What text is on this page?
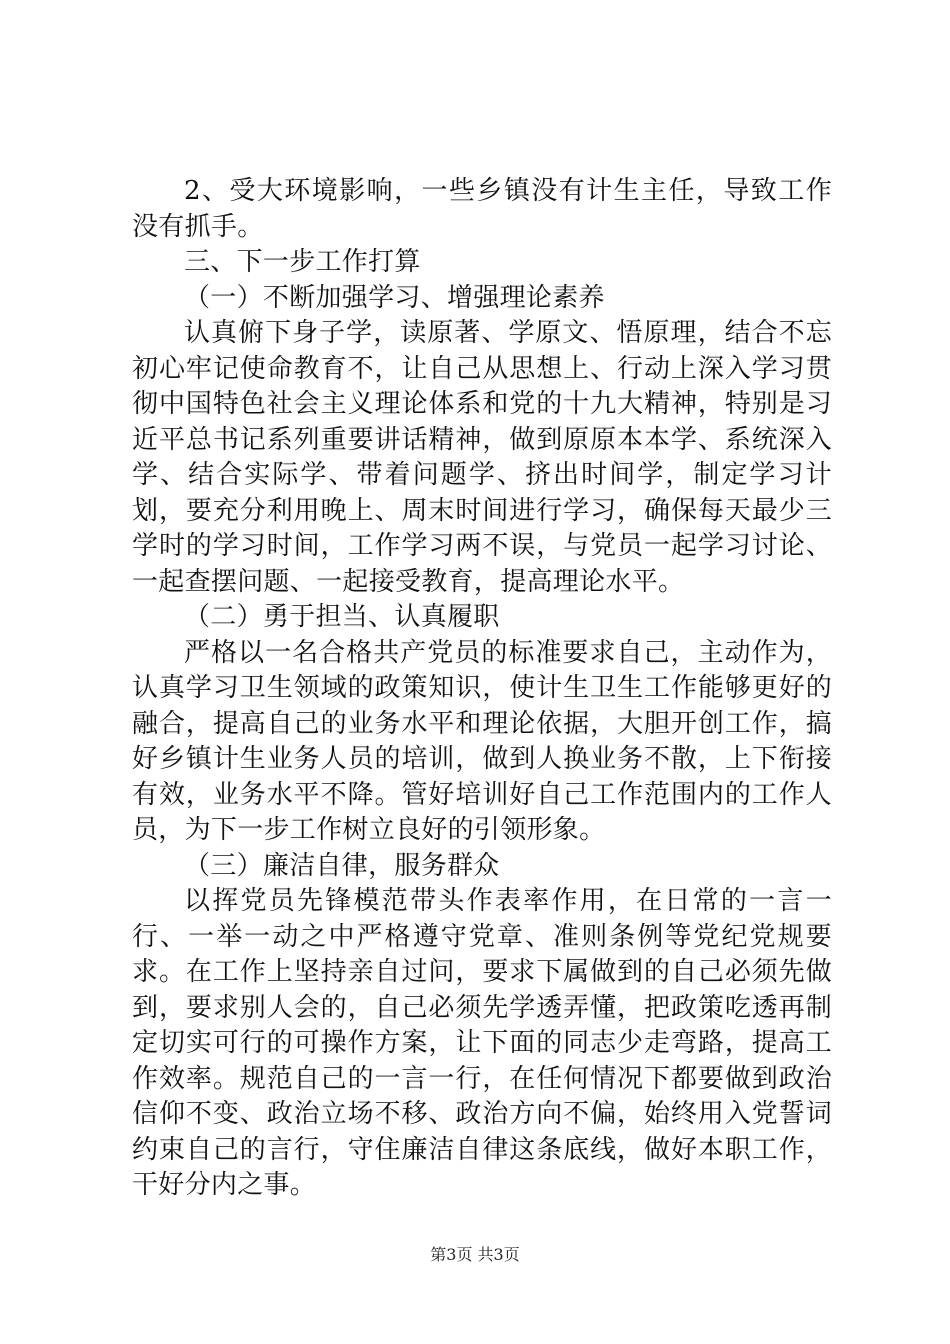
2、受大环境影响，一些乡镇没有计生主任，导致工作没有抓手。

三、下一步工作打算

（一）不断加强学习、增强理论素养

认真俯下身子学，读原著、学原文、悟原理，结合不忘初心牢记使命教育不，让自己从思想上、行动上深入学习贯彻中国特色社会主义理论体系和党的十九大精神，特别是习近平总书记系列重要讲话精神，做到原原本本学、系统深入学、结合实际学、带着问题学、挤出时间学，制定学习计划，要充分利用晚上、周末时间进行学习，确保每天最少三学时的学习时间，工作学习两不误，与党员一起学习讨论、一起查摆问题、一起接受教育，提高理论水平。

（二）勇于担当、认真履职

严格以一名合格共产党员的标准要求自己，主动作为，认真学习卫生领域的政策知识，使计生卫生工作能够更好的融合，提高自己的业务水平和理论依据，大胆开创工作，搞好乡镇计生业务人员的培训，做到人换业务不散，上下衔接有效，业务水平不降。管好培训好自己工作范围内的工作人员，为下一步工作树立良好的引领形象。

（三）廉洁自律，服务群众

以挥党员先锋模范带头作表率作用，在日常的一言一行、一举一动之中严格遵守党章、准则条例等党纪党规要求。在工作上坚持亲自过问，要求下属做到的自己必须先做到，要求别人会的，自己必须先学透弄懂，把政策吃透再制定切实可行的可操作方案，让下面的同志少走弯路，提高工作效率。规范自己的一言一行，在任何情况下都要做到政治信仰不变、政治立场不移、政治方向不偏，始终用入党誓词约束自己的言行，守住廉洁自律这条底线，做好本职工作，干好分内之事。

第3页 共3页
